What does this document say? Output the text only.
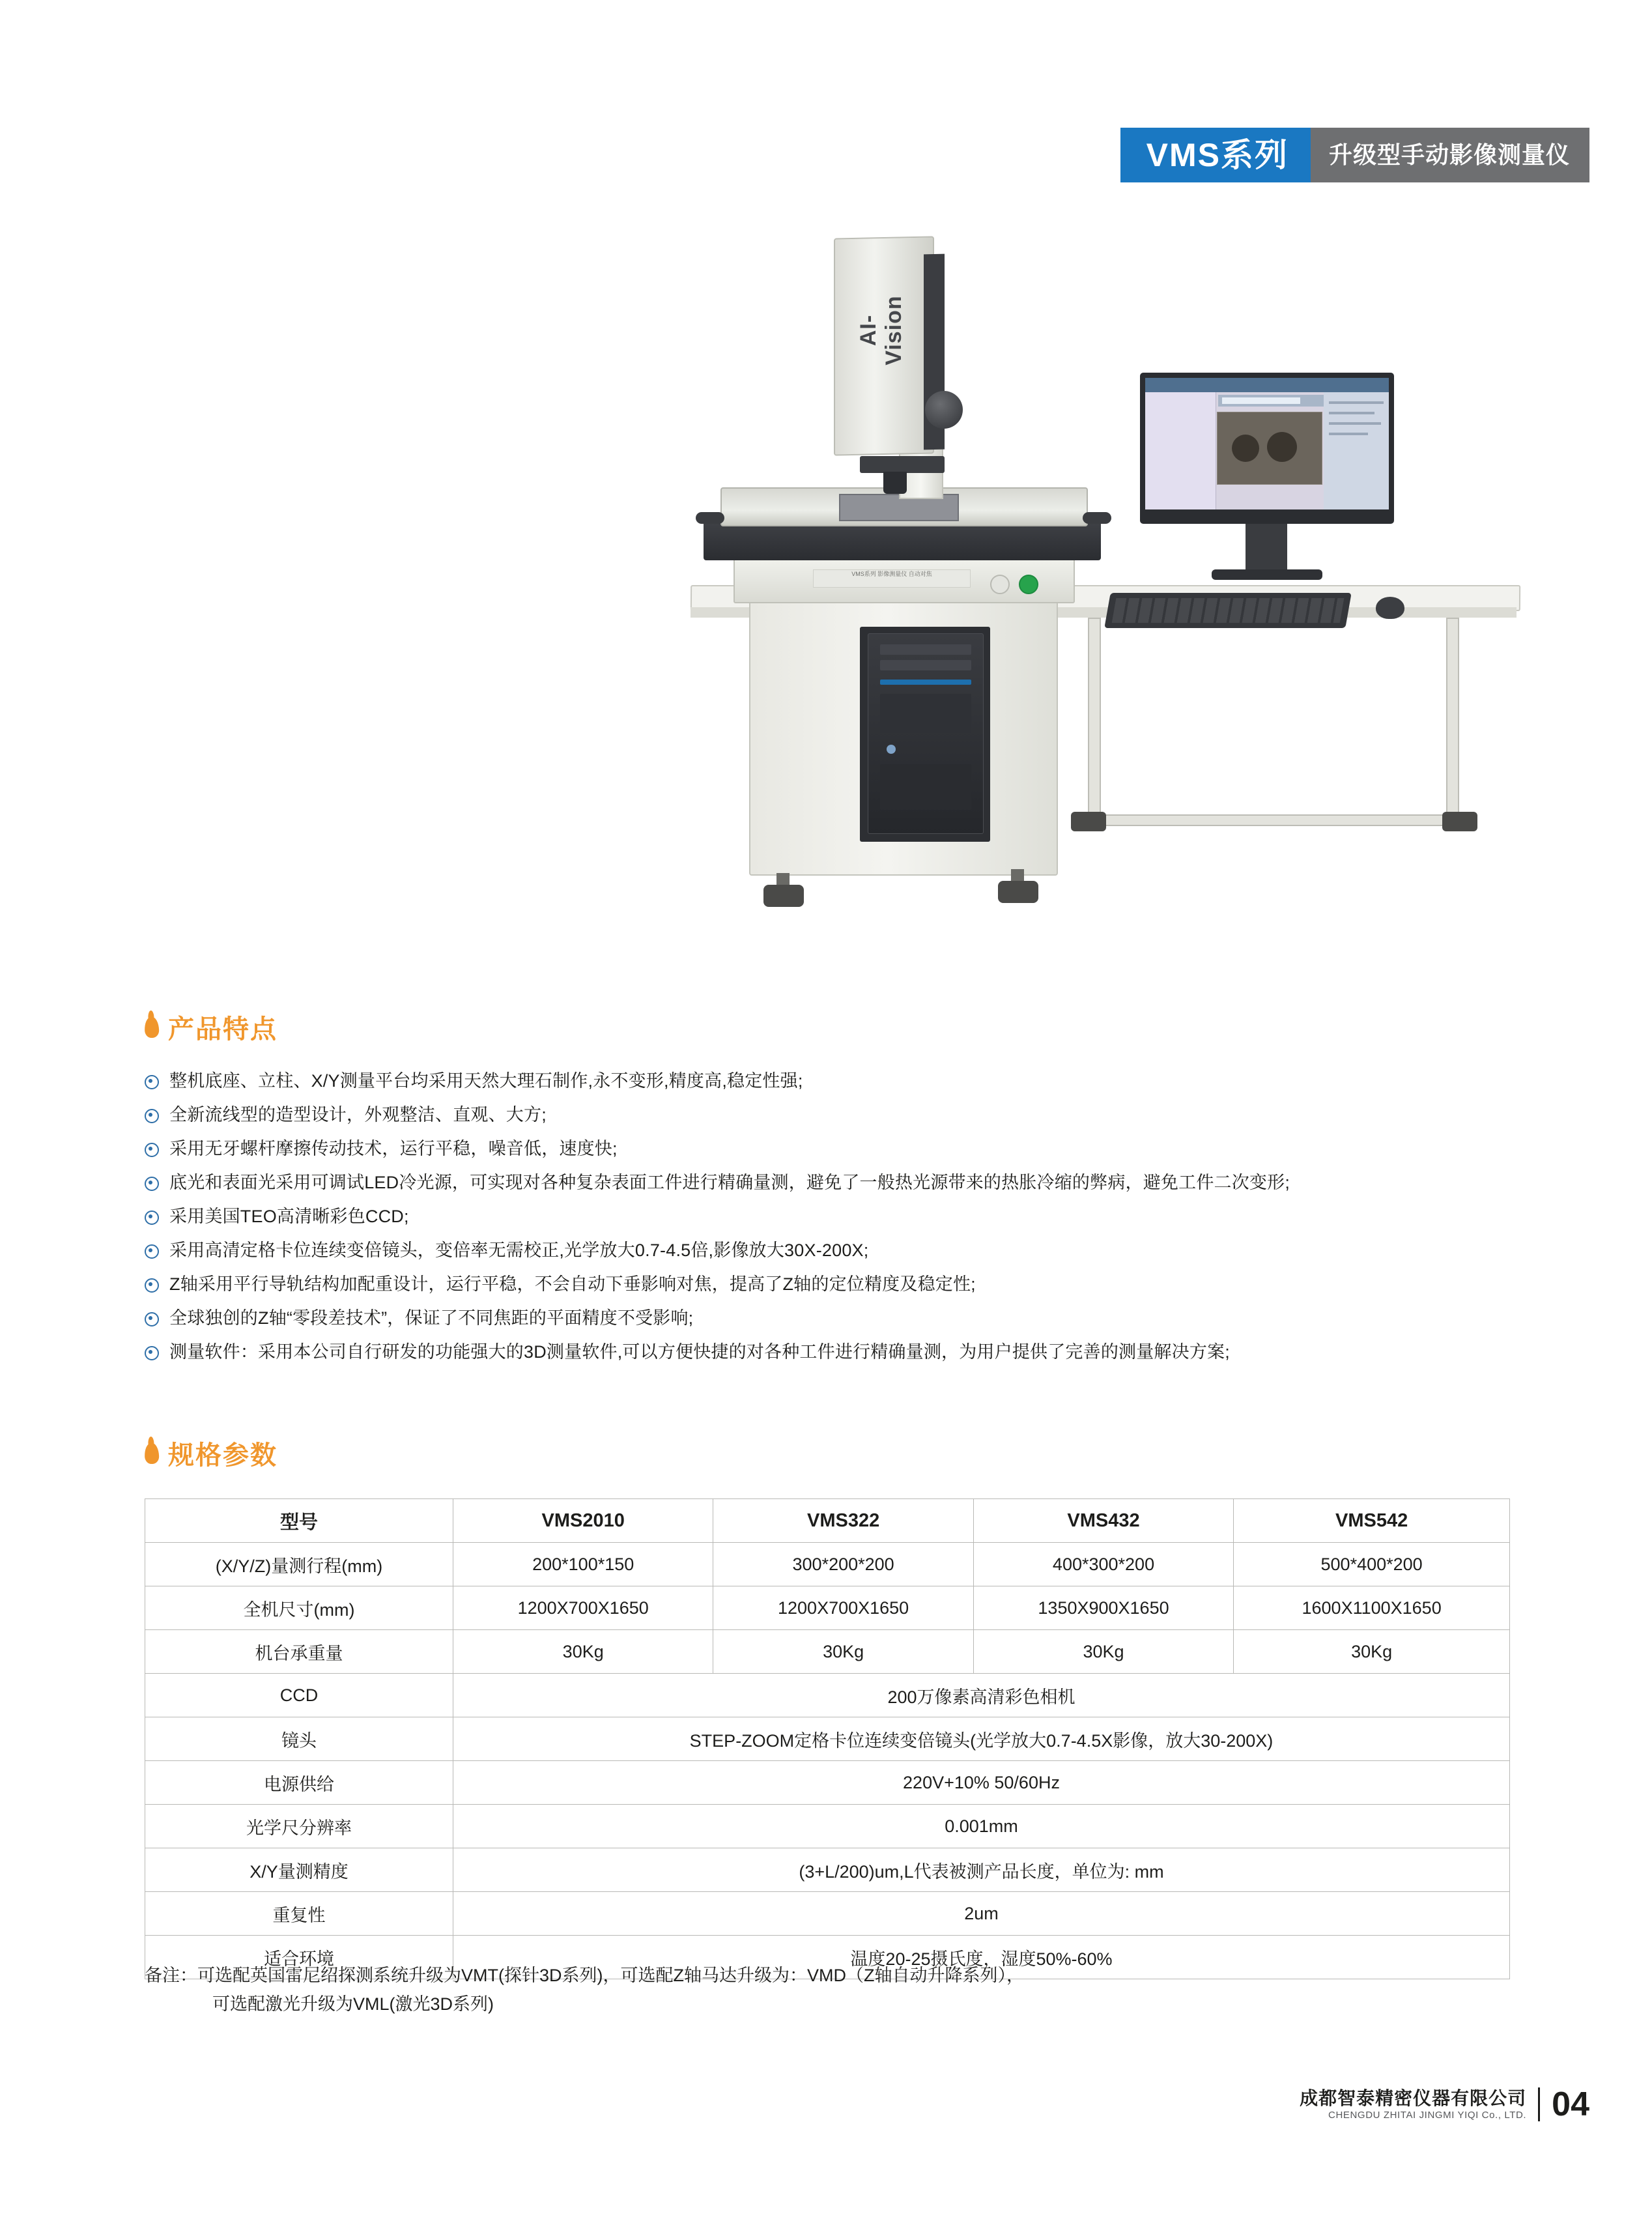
VMS系列	升级型手动影像测量仪
VMS系列 影像测量仪 自动对焦
AI-Vision
产品特点
整机底座、立柱、X/Y测量平台均采用天然大理石制作,永不变形,精度高,稳定性强;
全新流线型的造型设计，外观整洁、直观、大方;
采用无牙螺杆摩擦传动技术，运行平稳，噪音低，速度快;
底光和表面光采用可调试LED冷光源，可实现对各种复杂表面工件进行精确量测，避免了一般热光源带来的热胀冷缩的弊病，避免工件二次变形;
采用美国TEO高清晰彩色CCD;
采用高清定格卡位连续变倍镜头，变倍率无需校正,光学放大0.7-4.5倍,影像放大30X-200X;
Z轴采用平行导轨结构加配重设计，运行平稳，不会自动下垂影响对焦，提高了Z轴的定位精度及稳定性;
全球独创的Z轴“零段差技术”，保证了不同焦距的平面精度不受影响;
测量软件：采用本公司自行研发的功能强大的3D测量软件,可以方便快捷的对各种工件进行精确量测，为用户提供了完善的测量解决方案;
规格参数
型号	VMS2010	VMS322	VMS432	VMS542
(X/Y/Z)量测行程(mm)	200*100*150	300*200*200	400*300*200	500*400*200
全机尺寸(mm)	1200X700X1650	1200X700X1650	1350X900X1650	1600X1100X1650
机台承重量	30Kg	30Kg	30Kg	30Kg
CCD	200万像素高清彩色相机			
镜头	STEP-ZOOM定格卡位连续变倍镜头(光学放大0.7-4.5X影像，放大30-200X)			
电源供给	220V+10% 50/60Hz			
光学尺分辨率	0.001mm			
X/Y量测精度	(3+L/200)um,L代表被测产品长度，单位为: mm			
重复性	2um			
适合环境	温度20-25摄氏度，湿度50%-60%			
备注：可选配英国雷尼绍探测系统升级为VMT(探针3D系列)，可选配Z轴马达升级为：VMD（Z轴自动升降系列），
可选配激光升级为VML(激光3D系列)
成都智泰精密仪器有限公司
CHENGDU ZHITAI JINGMI YIQI Co., LTD. 04
